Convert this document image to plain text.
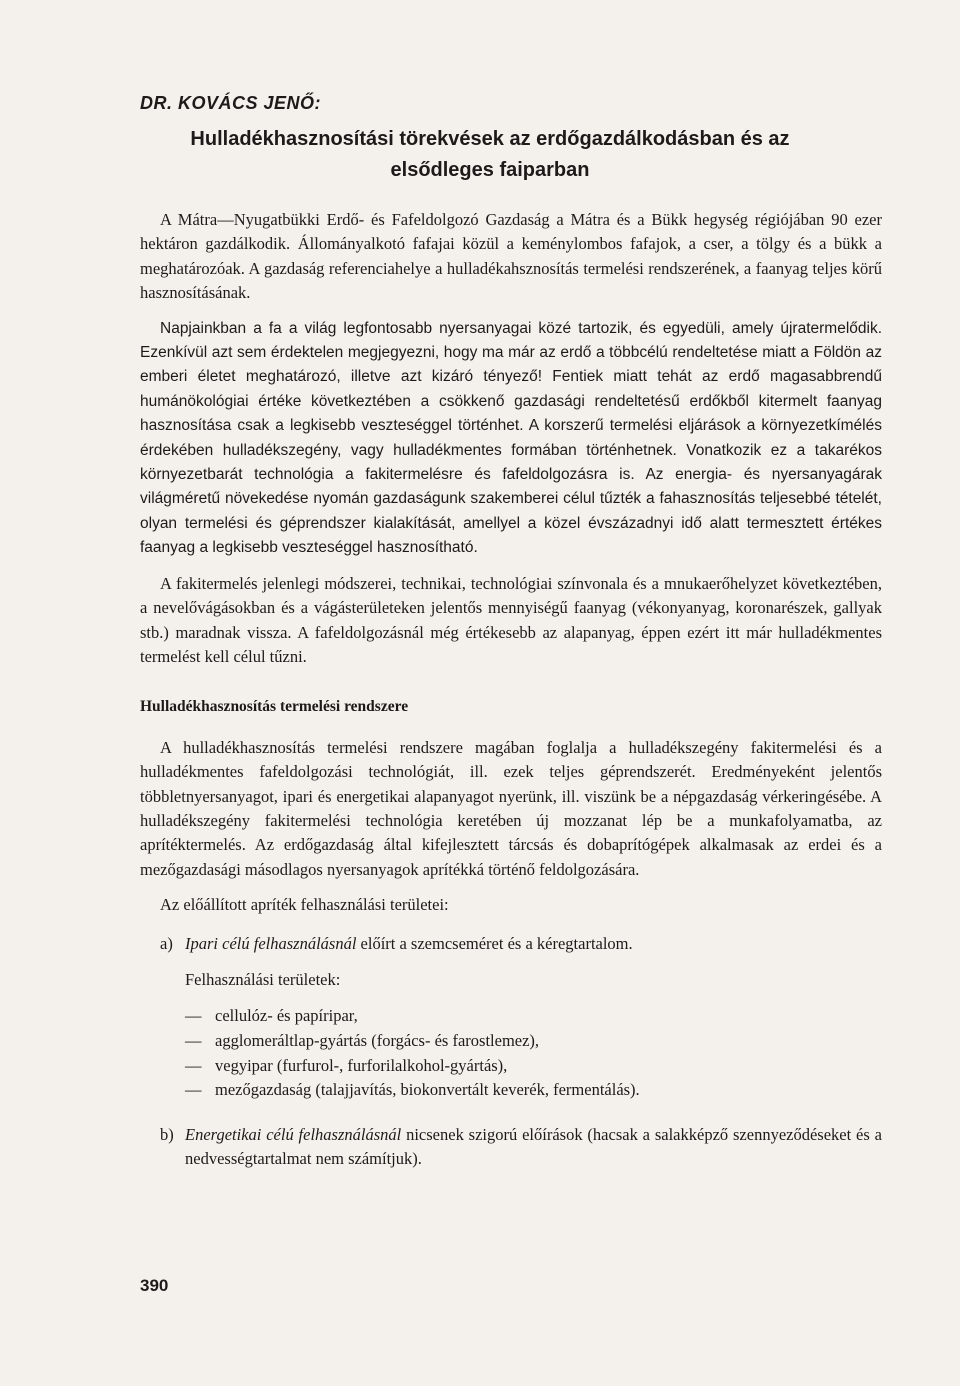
DR. KOVÁCS JENŐ:
Hulladékhasznosítási törekvések az erdőgazdálkodásban és az
elsődleges faiparban

A Mátra—Nyugatbükki Erdő- és Fafeldolgozó Gazdaság a Mátra és a Bükk hegység régiójában 90 ezer hektáron gazdálkodik. Állományalkotó fafajai közül a keménylombos fafajok, a cser, a tölgy és a bükk a meghatározóak. A gazdaság referenciahelye a hulladékahsznosítás termelési rendszerének, a faanyag teljes körű hasznosításának.

Napjainkban a fa a világ legfontosabb nyersanyagai közé tartozik, és egyedüli, amely újratermelődik. Ezenkívül azt sem érdektelen megjegyezni, hogy ma már az erdő a többcélú rendeltetése miatt a Földön az emberi életet meghatározó, illetve azt kizáró tényező! Fentiek miatt tehát az erdő magasabbrendű humánökológiai értéke következtében a csökkenő gazdasági rendeltetésű erdőkből kitermelt faanyag hasznosítása csak a legkisebb veszteséggel történhet. A korszerű termelési eljárások a környezetkímélés érdekében hulladékszegény, vagy hulladékmentes formában történhetnek. Vonatkozik ez a takarékos környezetbarát technológia a fakitermelésre és fafeldolgozásra is. Az energia- és nyersanyagárak világméretű növekedése nyomán gazdaságunk szakemberei célul tűzték a fahasznosítás teljesebbé tételét, olyan termelési és géprendszer kialakítását, amellyel a közel évszázadnyi idő alatt termesztett értékes faanyag a legkisebb veszteséggel hasznosítható.

A fakitermelés jelenlegi módszerei, technikai, technológiai színvonala és a mnukaerőhelyzet következtében, a nevelővágásokban és a vágásterületeken jelentős mennyiségű faanyag (vékonyanyag, koronarészek, gallyak stb.) maradnak vissza. A fafeldolgozásnál még értékesebb az alapanyag, éppen ezért itt már hulladékmentes termelést kell célul tűzni.

Hulladékhasznosítás termelési rendszere

A hulladékhasznosítás termelési rendszere magában foglalja a hulladékszegény fakitermelési és a hulladékmentes fafeldolgozási technológiát, ill. ezek teljes géprendszerét. Eredményeként jelentős többletnyersanyagot, ipari és energetikai alapanyagot nyerünk, ill. viszünk be a népgazdaság vérkeringésébe. A hulladékszegény fakitermelési technológia keretében új mozzanat lép be a munkafolyamatba, az aprítéktermelés. Az erdőgazdaság által kifejlesztett tárcsás és dobaprítógépek alkalmasak az erdei és a mezőgazdasági másodlagos nyersanyagok aprítékká történő feldolgozására.

Az előállított apríték felhasználási területei:
a) Ipari célú felhasználásnál előírt a szemcseméret és a kéregtartalom.
Felhasználási területek:
— cellulóz- és papíripar,
— agglomeráltlap-gyártás (forgács- és farostlemez),
— vegyipar (furfurol-, furforilalkohol-gyártás),
— mezőgazdaság (talajjavítás, biokonvertált keverék, fermentálás).
b) Energetikai célú felhasználásnál nicsenek szigorú előírások (hacsak a salakképző szennyeződéseket és a nedvességtartalmat nem számítjuk).
390
